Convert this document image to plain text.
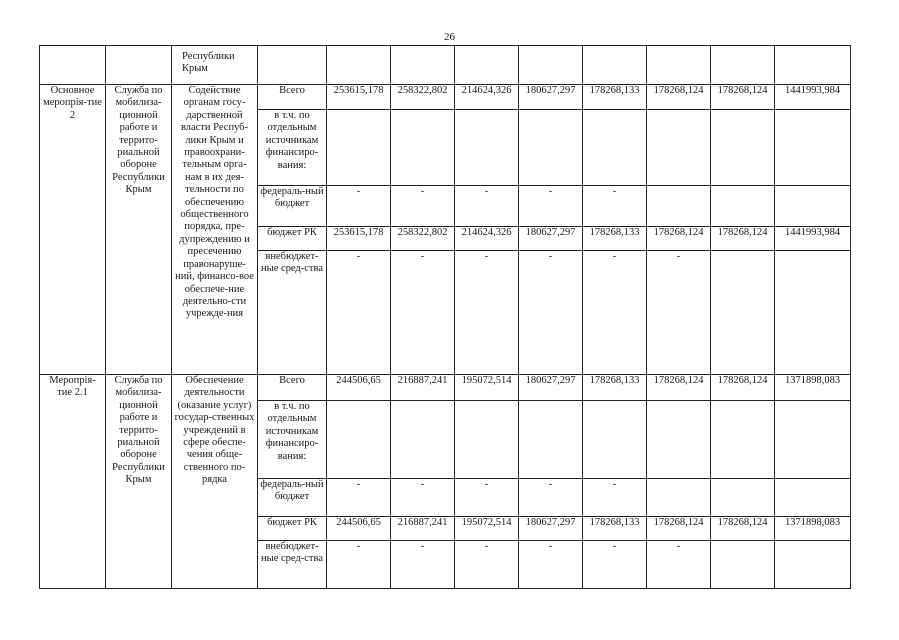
26
		Республики Крым									
Основное меропрія-тие 2	Служба по мобилиза-ционной работе и террито-риальной обороне Республики Крым	Содействие органам госу-дарственной власти Респуб-лики Крым и правоохрани-тельным орга-нам в их дея-тельности по обеспечению общественного порядка, пре-дупреждению и пресечению правонаруше-ний, финансо-вое обеспече-ние деятельно-сти учрежде-ния	Всего	253615,178	258322,802	214624,326	180627,297	178268,133	178268,124	178268,124	1441993,984
			в т.ч. по отдельным источникам финансиро-вания:								
			федераль-ный бюджет	-	-	-	-	-			
			бюджет РК	253615,178	258322,802	214624,326	180627,297	178268,133	178268,124	178268,124	1441993,984
			внебюджет-ные сред-ства	-	-	-	-	-	-		
Меропрія-тие 2.1	Служба по мобилиза-ционной работе и террито-риальной обороне Республики Крым	Обеспечение деятельности (оказание услуг) государ-ственных учреждений в сфере обеспе-чения обще-ственного по-рядка	Всего	244506,65	216887,241	195072,514	180627,297	178268,133	178268,124	178268,124	1371898,083
			в т.ч. по отдельным источникам финансиро-вания:								
			федераль-ный бюджет	-	-	-	-	-			
			бюджет РК	244506,65	216887,241	195072,514	180627,297	178268,133	178268,124	178268,124	1371898,083
			внебюджет-ные сред-ства	-	-	-	-	-	-		
